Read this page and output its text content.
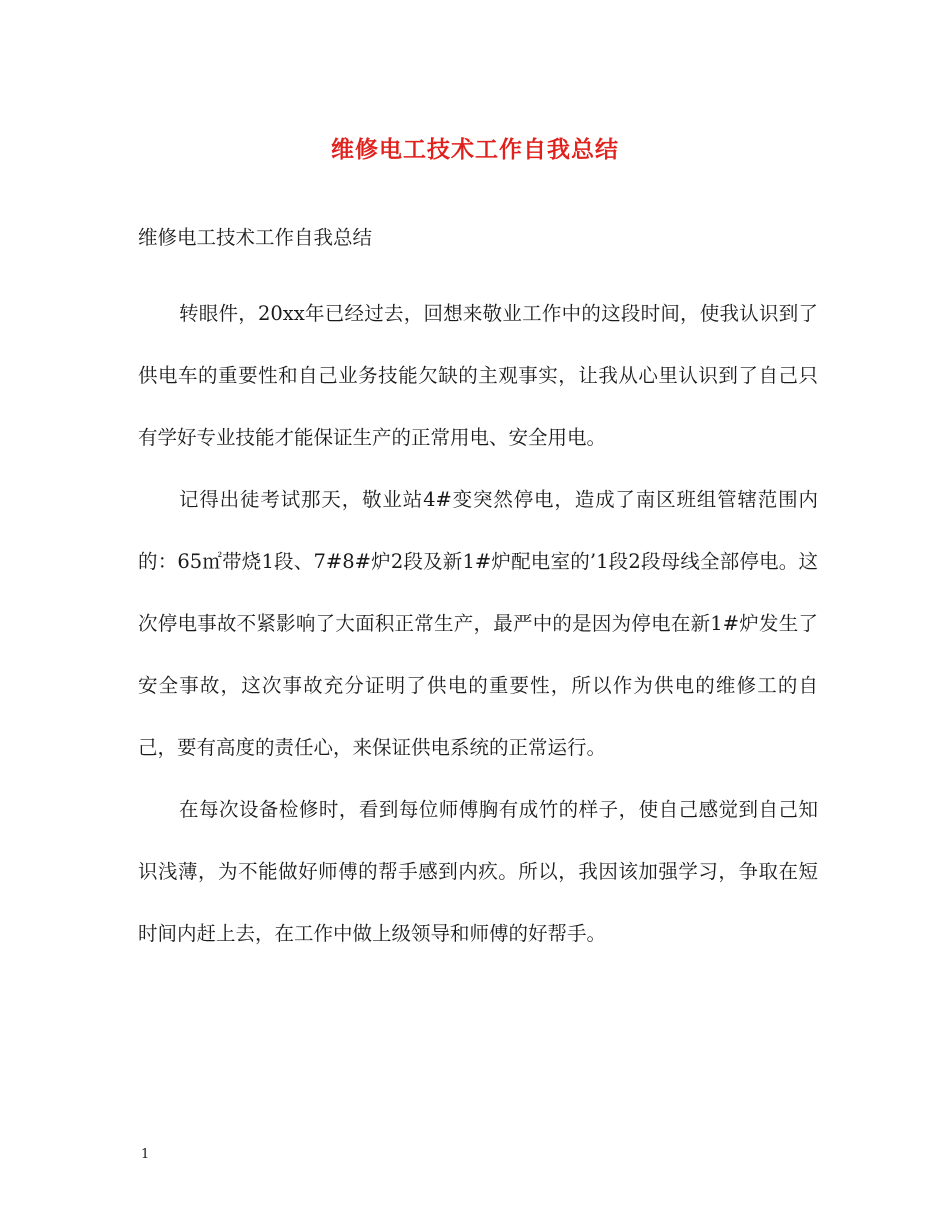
维修电工技术工作自我总结

维修电工技术工作自我总结

转眼件，20xx年已经过去，回想来敬业工作中的这段时间，使我认识到了供电车的重要性和自己业务技能欠缺的主观事实，让我从心里认识到了自己只有学好专业技能才能保证生产的正常用电、安全用电。

记得出徒考试那天，敬业站4#变突然停电，造成了南区班组管辖范围内的：65㎡带烧1段、7#8#炉2段及新1#炉配电室的’1段2段母线全部停电。这次停电事故不紧影响了大面积正常生产，最严中的是因为停电在新1#炉发生了安全事故，这次事故充分证明了供电的重要性，所以作为供电的维修工的自己，要有高度的责任心，来保证供电系统的正常运行。

在每次设备检修时，看到每位师傅胸有成竹的样子，使自己感觉到自己知识浅薄，为不能做好师傅的帮手感到内疚。所以，我因该加强学习，争取在短时间内赶上去，在工作中做上级领导和师傅的好帮手。

1
